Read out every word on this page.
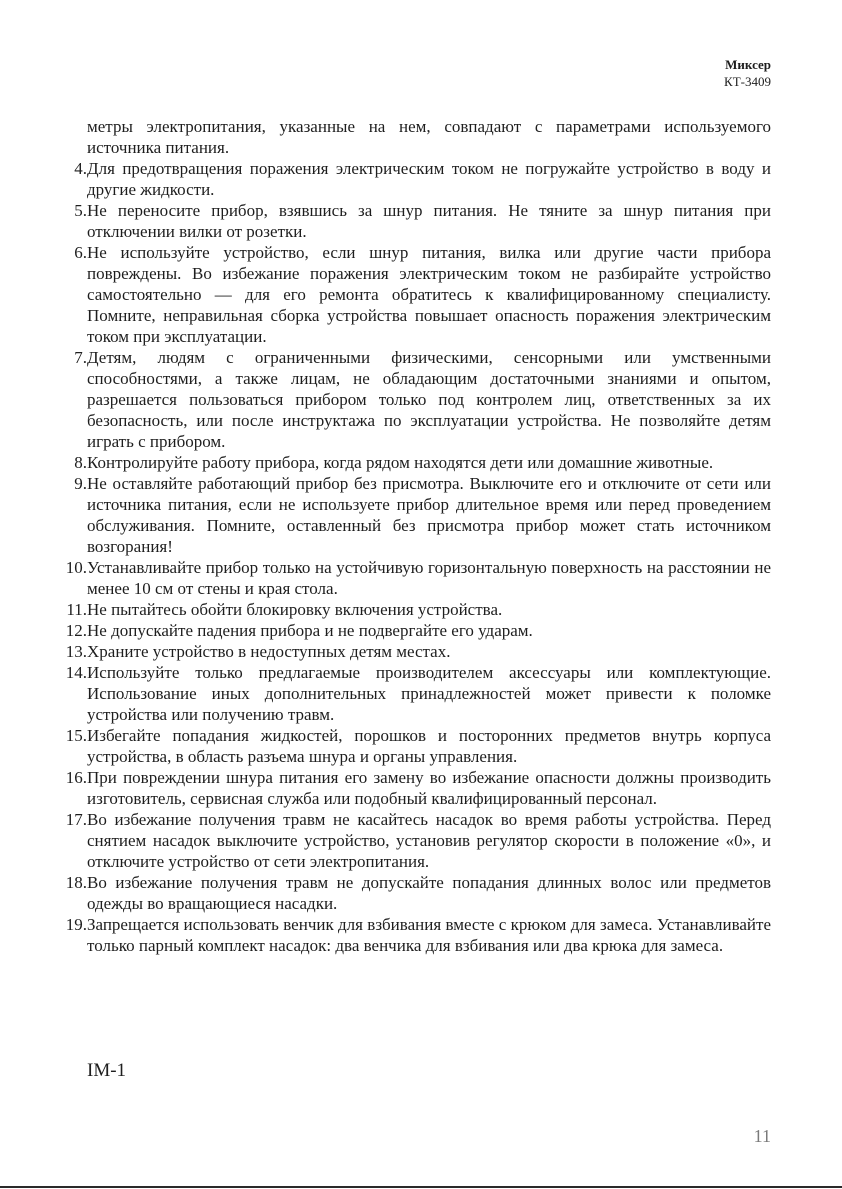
Миксер
КТ-3409
метры электропитания, указанные на нем, совпадают с параметрами используемого источника питания.
4. Для предотвращения поражения электрическим током не погружайте устройство в воду и другие жидкости.
5. Не переносите прибор, взявшись за шнур питания. Не тяните за шнур питания при отключении вилки от розетки.
6. Не используйте устройство, если шнур питания, вилка или другие части прибора повреждены. Во избежание поражения электрическим током не разбирайте устройство самостоятельно — для его ремонта обратитесь к квалифицированному специалисту. Помните, неправильная сборка устройства повышает опасность поражения электрическим током при эксплуатации.
7. Детям, людям с ограниченными физическими, сенсорными или умственными способностями, а также лицам, не обладающим достаточными знаниями и опытом, разрешается пользоваться прибором только под контролем лиц, ответственных за их безопасность, или после инструктажа по эксплуатации устройства. Не позволяйте детям играть с прибором.
8. Контролируйте работу прибора, когда рядом находятся дети или домашние животные.
9. Не оставляйте работающий прибор без присмотра. Выключите его и отключите от сети или источника питания, если не используете прибор длительное время или перед проведением обслуживания. Помните, оставленный без присмотра прибор может стать источником возгорания!
10. Устанавливайте прибор только на устойчивую горизонтальную поверхность на расстоянии не менее 10 см от стены и края стола.
11. Не пытайтесь обойти блокировку включения устройства.
12. Не допускайте падения прибора и не подвергайте его ударам.
13. Храните устройство в недоступных детям местах.
14. Используйте только предлагаемые производителем аксессуары или комплектующие. Использование иных дополнительных принадлежностей может привести к поломке устройства или получению травм.
15. Избегайте попадания жидкостей, порошков и посторонних предметов внутрь корпуса устройства, в область разъема шнура и органы управления.
16. При повреждении шнура питания его замену во избежание опасности должны производить изготовитель, сервисная служба или подобный квалифицированный персонал.
17. Во избежание получения травм не касайтесь насадок во время работы устройства. Перед снятием насадок выключите устройство, установив регулятор скорости в положение «0», и отключите устройство от сети электропитания.
18. Во избежание получения травм не допускайте попадания длинных волос или предметов одежды во вращающиеся насадки.
19. Запрещается использовать венчик для взбивания вместе с крюком для замеса. Устанавливайте только парный комплект насадок: два венчика для взбивания или два крюка для замеса.
IM-1
11
